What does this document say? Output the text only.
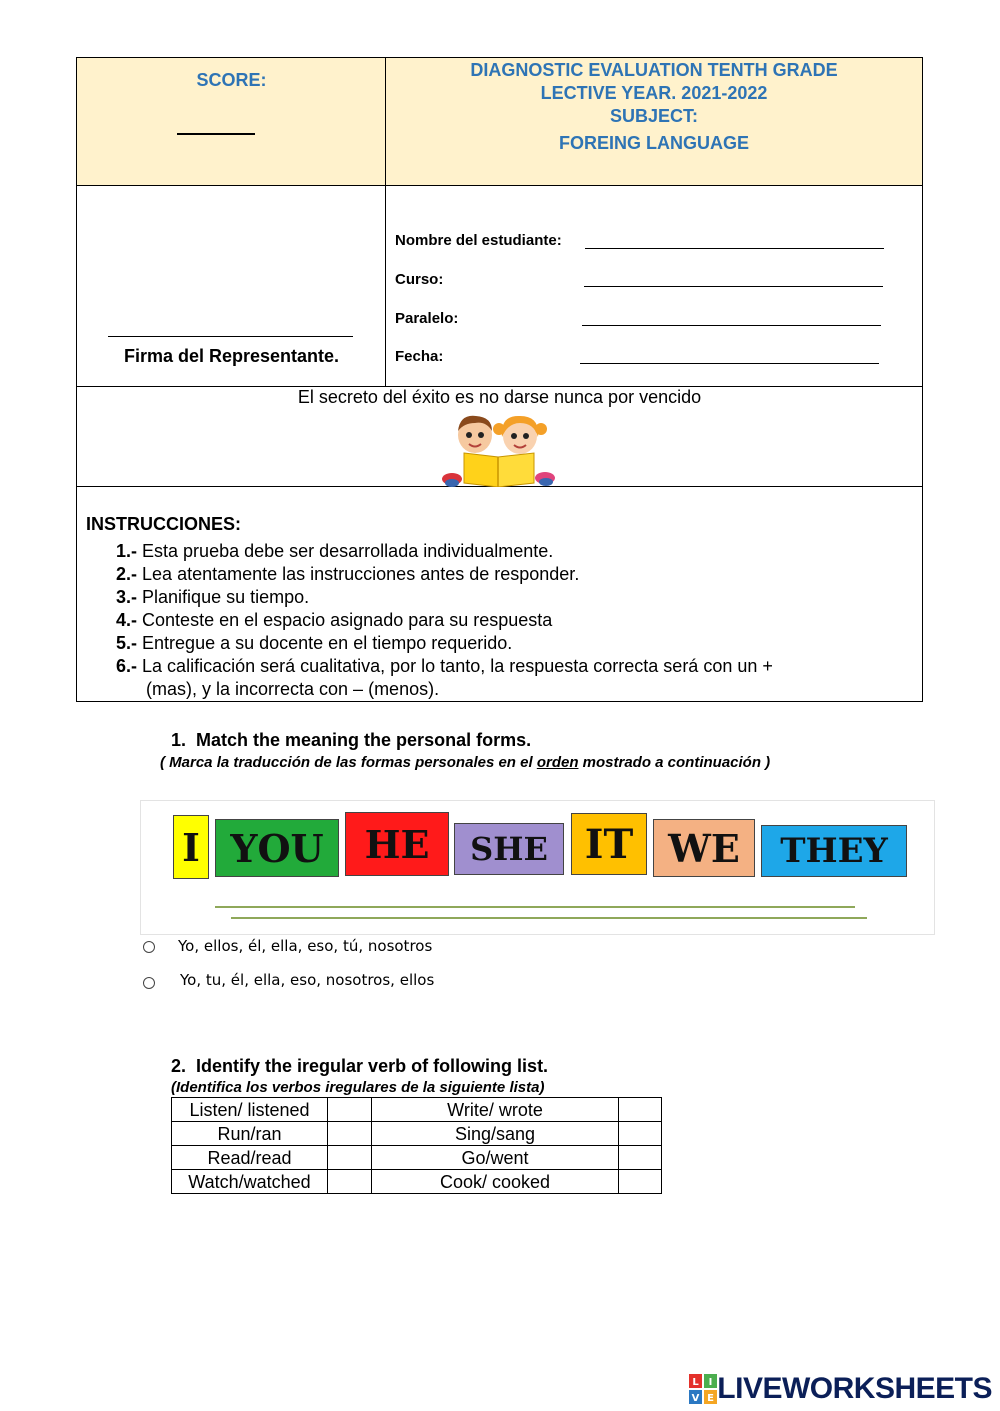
SCORE:	DIAGNOSTIC EVALUATION TENTH GRADE
LECTIVE YEAR. 2021-2022
SUBJECT:
FOREING LANGUAGE
Firma del Representante.
Nombre del estudiante:
Curso:
Paralelo:
Fecha:
El secreto del éxito es no darse nunca por vencido
INSTRUCCIONES:
1.- Esta prueba debe ser desarrollada individualmente.
2.- Lea atentamente las instrucciones antes de responder.
3.- Planifique su tiempo.
4.- Conteste en el espacio asignado para su respuesta
5.- Entregue a su docente en el tiempo requerido.
6.- La calificación será cualitativa, por lo tanto, la respuesta correcta será con un +
(mas), y la incorrecta con – (menos).
1. Match the meaning the personal forms.
( Marca la traducción de las formas personales en el orden mostrado a continuación )
I YOU	HE	SHE IT WE	THEY
Yo, ellos, él, ella, eso, tú, nosotros
Yo, tu, él, ella, eso, nosotros, ellos
2. Identify the iregular verb of following list.
(Identifica los verbos iregulares de la siguiente lista)
Listen/ listened		Write/ wrote	
Run/ran		Sing/sang	
Read/read		Go/went	
Watch/watched		Cook/ cooked	
L I
V E LIVEWORKSHEETS
